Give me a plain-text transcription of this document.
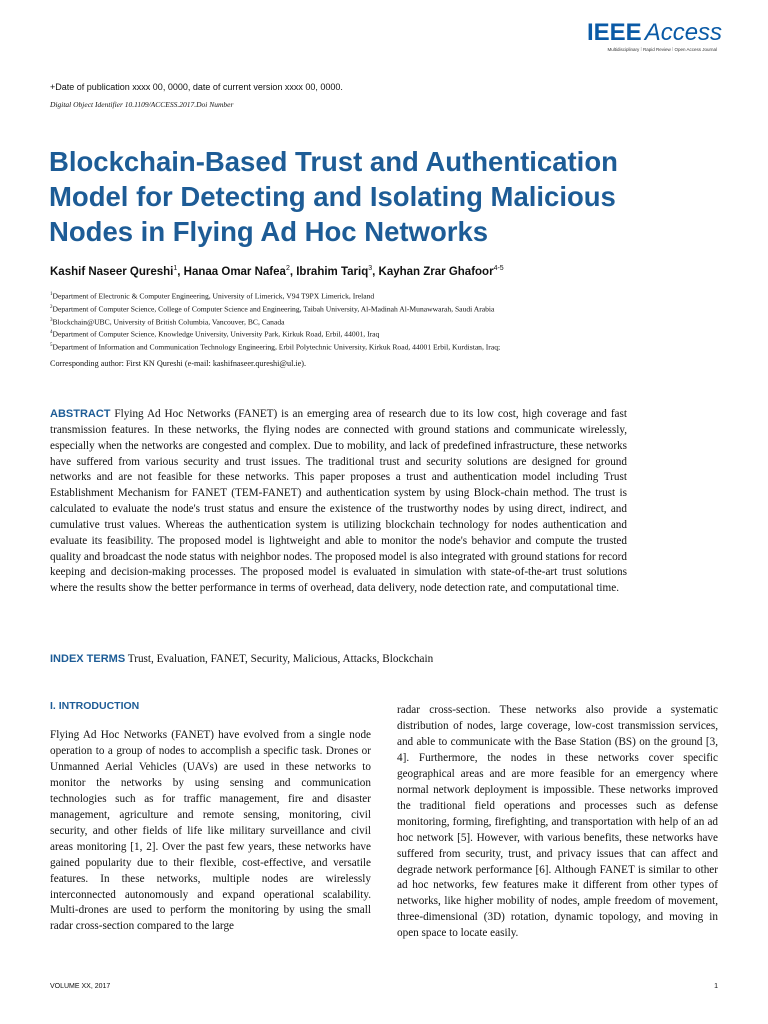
IEEE Access
Multidisciplinary ⁞ Rapid Review ⁞ Open Access Journal
+Date of publication xxxx 00, 0000, date of current version xxxx 00, 0000.
Digital Object Identifier 10.1109/ACCESS.2017.Doi Number
Blockchain-Based Trust and Authentication Model for Detecting and Isolating Malicious Nodes in Flying Ad Hoc Networks
Kashif Naseer Qureshi$^1$, Hanaa Omar Nafea$^2$, Ibrahim Tariq$^3$, Kayhan Zrar Ghafoor$^{4-5}$
$^1$Department of Electronic & Computer Engineering, University of Limerick, V94 T9PX Limerick, Ireland
$^2$Department of Computer Science, College of Computer Science and Engineering, Taibah University, Al-Madinah Al-Munawwarah, Saudi Arabia
$^3$Blockchain@UBC, University of British Columbia, Vancouver, BC, Canada
$^4$Department of Computer Science, Knowledge University, University Park, Kirkuk Road, Erbil, 44001, Iraq
$^5$Department of Information and Communication Technology Engineering, Erbil Polytechnic University, Kirkuk Road, 44001 Erbil, Kurdistan, Iraq;
Corresponding author: First KN Qureshi (e-mail: kashifnaseer.qureshi@ul.ie).

ABSTRACT Flying Ad Hoc Networks (FANET) is an emerging area of research due to its low cost, high coverage and fast transmission features. In these networks, the flying nodes are connected with ground stations and communicate wirelessly, especially when the networks are congested and complex. Due to mobility, and lack of predefined infrastructure, these networks have suffered from various security and trust issues. The traditional trust and security solutions are designed for ground networks and are not feasible for these networks. This paper proposes a trust and authentication model including Trust Establishment Mechanism for FANET (TEM-FANET) and authentication system by using Block-chain method. The trust is calculated to evaluate the node's trust status and ensure the existence of the trustworthy nodes by using direct, indirect, and cumulative trust values. Whereas the authentication system is utilizing blockchain technology for nodes authentication and evaluate its feasibility. The proposed model is lightweight and able to monitor the node's behavior and compute the trusted quality and broadcast the node status with neighbor nodes. The proposed model is also integrated with ground stations for record keeping and decision-making processes. The proposed model is evaluated in simulation with state-of-the-art trust solutions where the results show the better performance in terms of overhead, data delivery, node detection rate, and computational time.

INDEX TERMS Trust, Evaluation, FANET, Security, Malicious, Attacks, Blockchain

I. INTRODUCTION

Flying Ad Hoc Networks (FANET) have evolved from a single node operation to a group of nodes to accomplish a specific task. Drones or Unmanned Aerial Vehicles (UAVs) are used in these networks to monitor the networks by using sensing and communication technologies such as for traffic management, fire and disaster management, agriculture and remote sensing, monitoring, civil security, and other fields of life like military surveillance and civil areas monitoring [1, 2]. Over the past few years, these networks have gained popularity due to their flexible, cost-effective, and versatile features. In these networks, multiple nodes are wirelessly interconnected autonomously and expand operational scalability. Multi-drones are used to perform the monitoring by using the small radar cross-section compared to the large

radar cross-section. These networks also provide a systematic distribution of nodes, large coverage, low-cost transmission services, and able to communicate with the Base Station (BS) on the ground [3, 4]. Furthermore, the nodes in these networks cover specific geographical areas and are more feasible for an emergency where normal network deployment is impossible. These networks improved the traditional field operations and processes such as defense monitoring, forming, firefighting, and transportation with help of an ad hoc network [5]. However, with various benefits, these networks have suffered from security, trust, and privacy issues that can affect and degrade network performance [6]. Although FANET is similar to other ad hoc networks, few features make it different from other types of networks, like higher mobility of nodes, ample freedom of movement, three-dimensional (3D) rotation, dynamic topology, and moving in open space to locate easily.

VOLUME XX, 2017	1
